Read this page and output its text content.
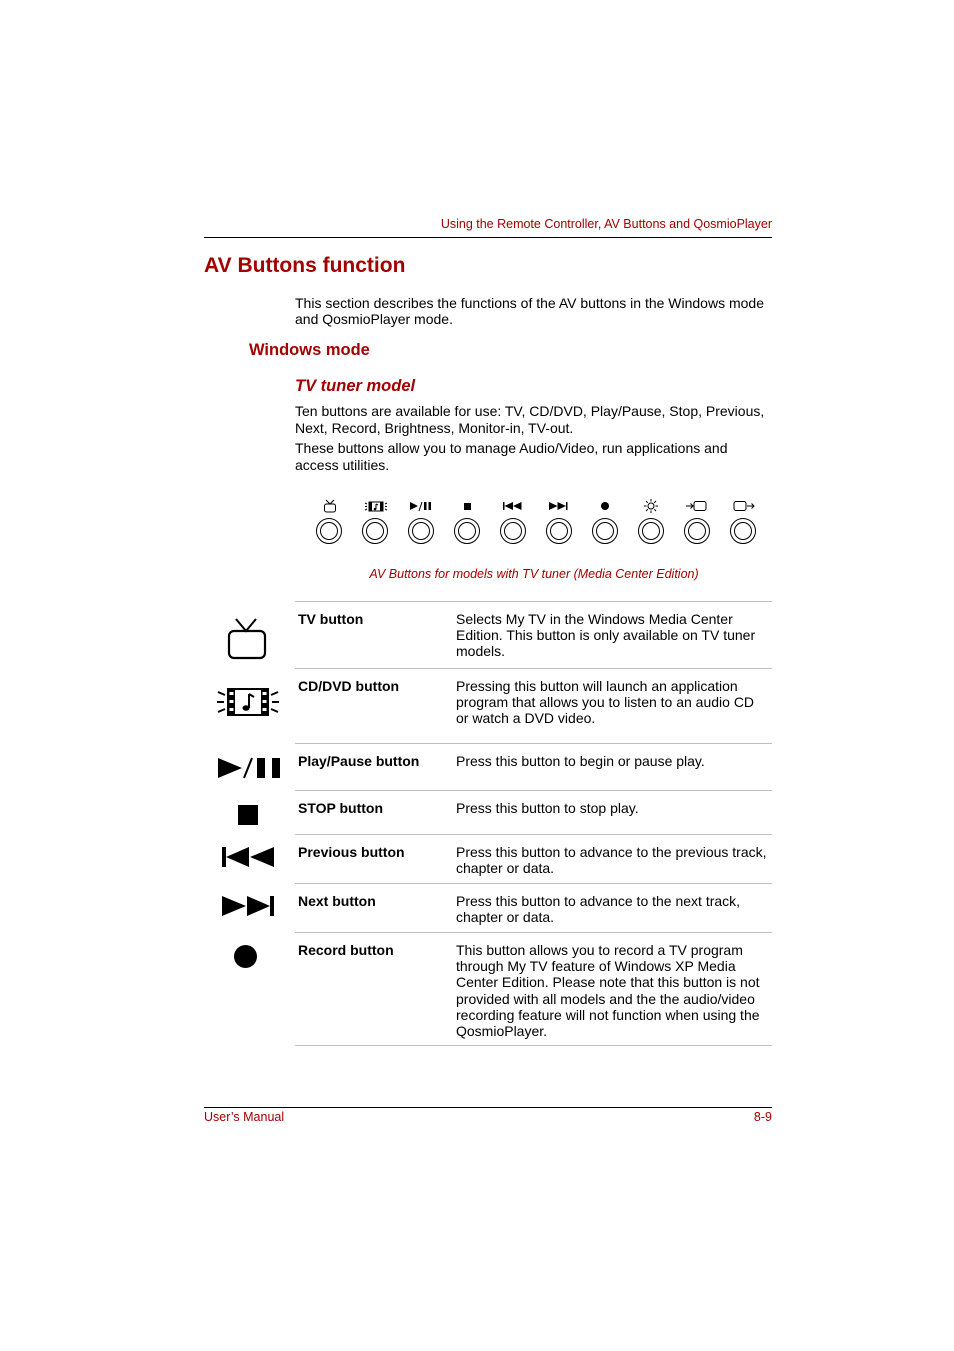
Using the Remote Controller, AV Buttons and QosmioPlayer
AV Buttons function
This section describes the functions of the AV buttons in the Windows mode and QosmioPlayer mode.
Windows mode
TV tuner model
Ten buttons are available for use: TV, CD/DVD, Play/Pause, Stop, Previous, Next, Record, Brightness, Monitor-in, TV-out.
These buttons allow you to manage Audio/Video, run applications and access utilities.
AV Buttons for models with TV tuner (Media Center Edition)
TV button	Selects My TV in the Windows Media Center Edition. This button is only available on TV tuner models.
CD/DVD button	Pressing this button will launch an application program that allows you to listen to an audio CD or watch a DVD video.
Play/Pause button	Press this button to begin or pause play.
STOP button	Press this button to stop play.
Previous button	Press this button to advance to the previous track, chapter or data.
Next button	Press this button to advance to the next track, chapter or data.
Record button	This button allows you to record a TV program through My TV feature of Windows XP Media Center Edition. Please note that this button is not provided with all models and the the audio/video recording feature will not function when using the QosmioPlayer.
User’s Manual	8-9
